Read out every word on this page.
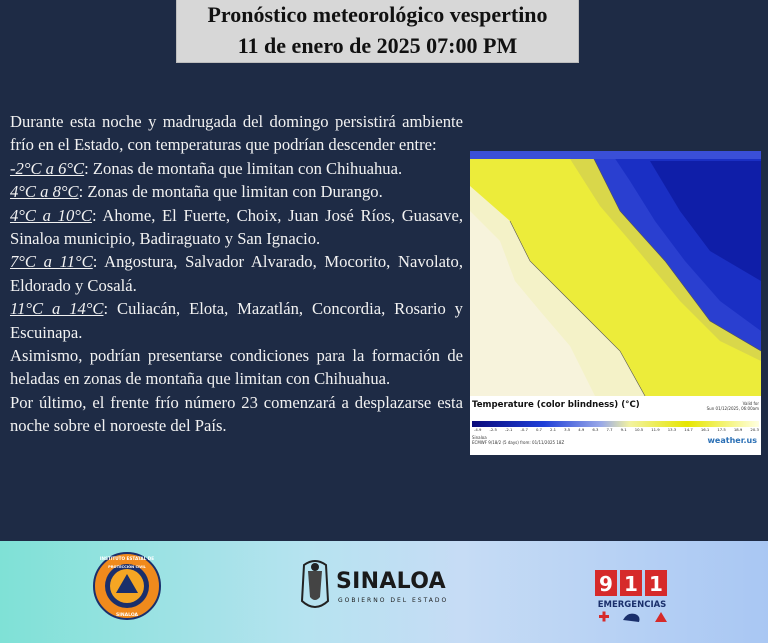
Pronóstico meteorológico vespertino
11 de enero de 2025 07:00 PM

Durante esta noche y madrugada del domingo persistirá ambiente frío en el Estado, con temperaturas que podrían descender entre:

-2°C a 6°C: Zonas de montaña que limitan con Chihuahua.

4°C a 8°C: Zonas de montaña que limitan con Durango.

4°C a 10°C: Ahome, El Fuerte, Choix, Juan José Ríos, Guasave, Sinaloa municipio, Badiraguato y San Ignacio.

7°C a 11°C: Angostura, Salvador Alvarado, Mocorito, Navolato, Eldorado y Cosalá.

11°C a 14°C: Culiacán, Elota, Mazatlán, Concordia, Rosario y Escuinapa.

Asimismo, podrían presentarse condiciones para la formación de heladas en zonas de montaña que limitan con Chihuahua.

Por último, el frente frío número 23 comenzará a desplazarse esta noche sobre el noroeste del País.

Temperature (color blindness) (°C)	Valid for
Sun 01/12/2025, 06:00am
-4.9 -2.5 -2.1 -0.7 0.7 2.1 3.5 4.9 6.3 7.7 9.1 10.5 11.9 13.3 14.7 16.1 17.5 18.9 20.3
Sinaloa
ECMWF 9/18/2 (5 days) from: 01/11/2025 18Z	weather.us
INSTITUTO ESTATAL DE
PROTECCIÓN CIVIL
SINALOA
SINALOA
GOBIERNO DEL ESTADO
9
EMERGENCIAS
1 1
